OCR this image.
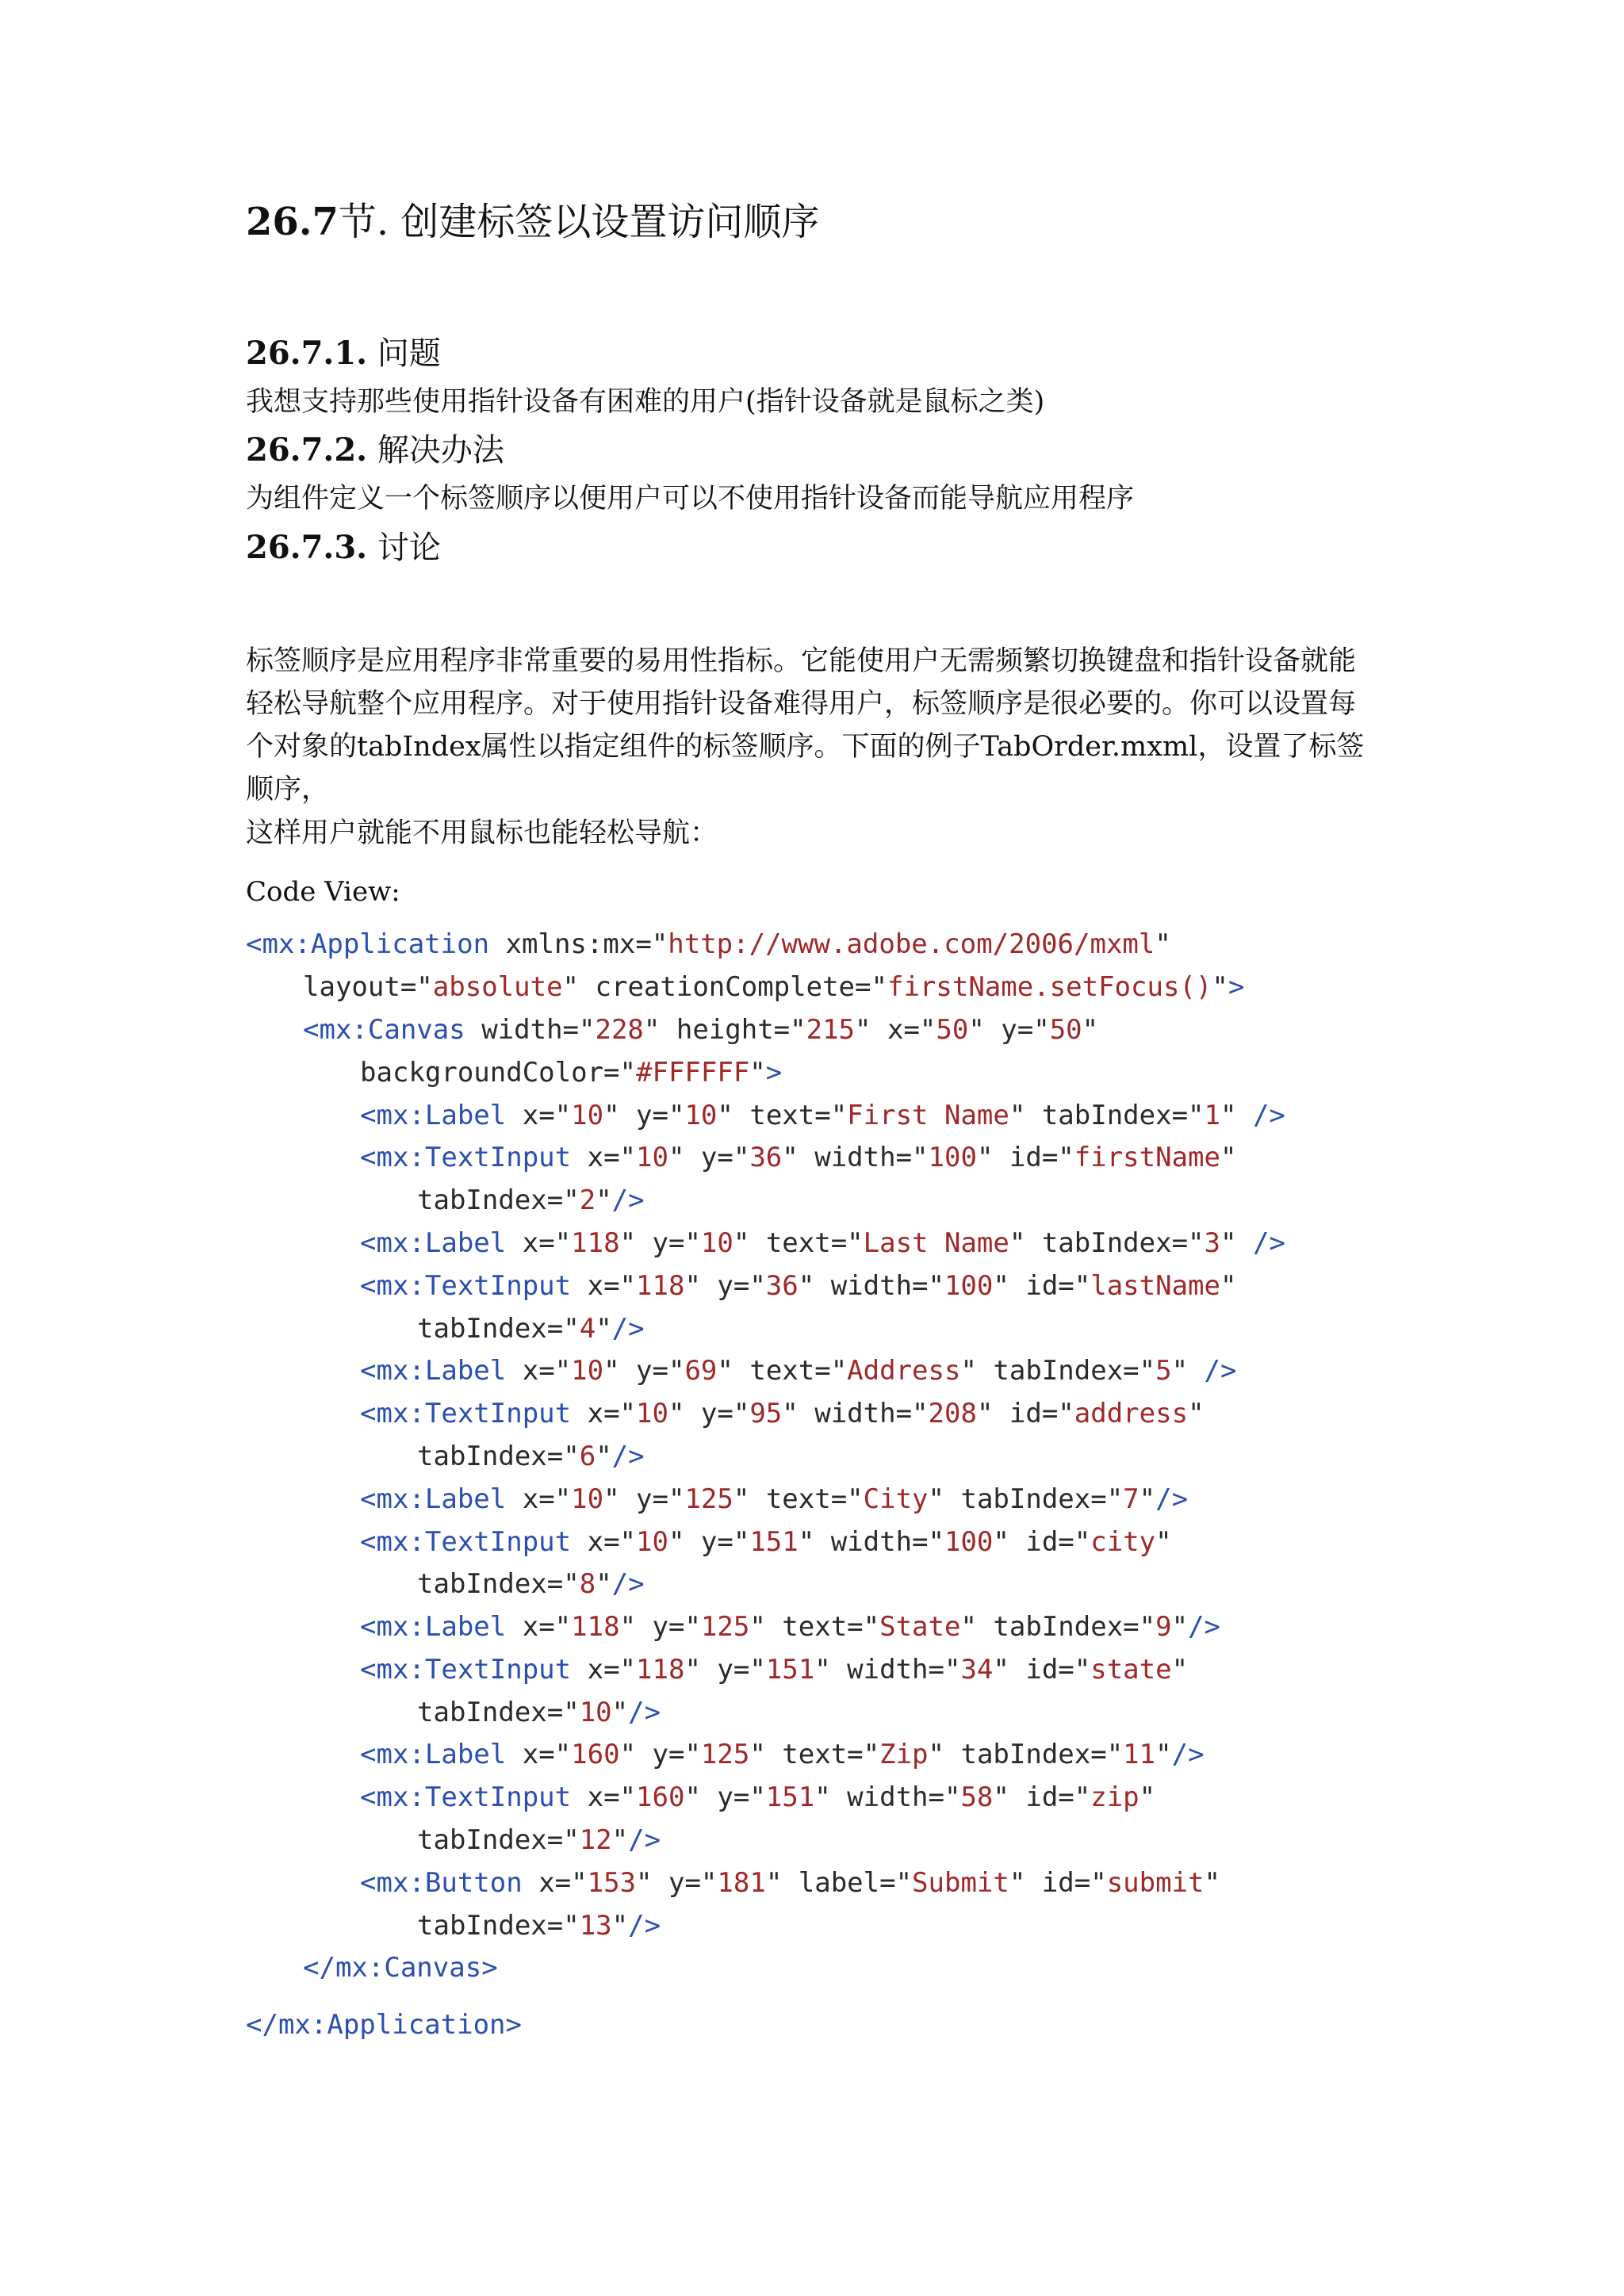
26.7节. 创建标签以设置访问顺序
26.7.1. 问题

我想支持那些使用指针设备有困难的用户(指针设备就是鼠标之类)

26.7.2. 解决办法

为组件定义一个标签顺序以便用户可以不使用指针设备而能导航应用程序

26.7.3. 讨论
标签顺序是应用程序非常重要的易用性指标。它能使用户无需频繁切换键盘和指针设备就能
轻松导航整个应用程序。对于使用指针设备难得用户，标签顺序是很必要的。你可以设置每
个对象的tabIndex属性以指定组件的标签顺序。下面的例子TabOrder.mxml，设置了标签顺序，
这样用户就能不用鼠标也能轻松导航：

Code View:

<mx:Application xmlns:mx="http://www.adobe.com/2006/mxml"
layout="absolute" creationComplete="firstName.setFocus()">
<mx:Canvas width="228" height="215" x="50" y="50"
backgroundColor="#FFFFFF">
<mx:Label x="10" y="10" text="First Name" tabIndex="1" />
<mx:TextInput x="10" y="36" width="100" id="firstName"
tabIndex="2"/>
<mx:Label x="118" y="10" text="Last Name" tabIndex="3" />
<mx:TextInput x="118" y="36" width="100" id="lastName"
tabIndex="4"/>
<mx:Label x="10" y="69" text="Address" tabIndex="5" />
<mx:TextInput x="10" y="95" width="208" id="address"
tabIndex="6"/>
<mx:Label x="10" y="125" text="City" tabIndex="7"/>
<mx:TextInput x="10" y="151" width="100" id="city"
tabIndex="8"/>
<mx:Label x="118" y="125" text="State" tabIndex="9"/>
<mx:TextInput x="118" y="151" width="34" id="state"
tabIndex="10"/>
<mx:Label x="160" y="125" text="Zip" tabIndex="11"/>
<mx:TextInput x="160" y="151" width="58" id="zip"
tabIndex="12"/>
<mx:Button x="153" y="181" label="Submit" id="submit"
tabIndex="13"/>
</mx:Canvas>
</mx:Application>
